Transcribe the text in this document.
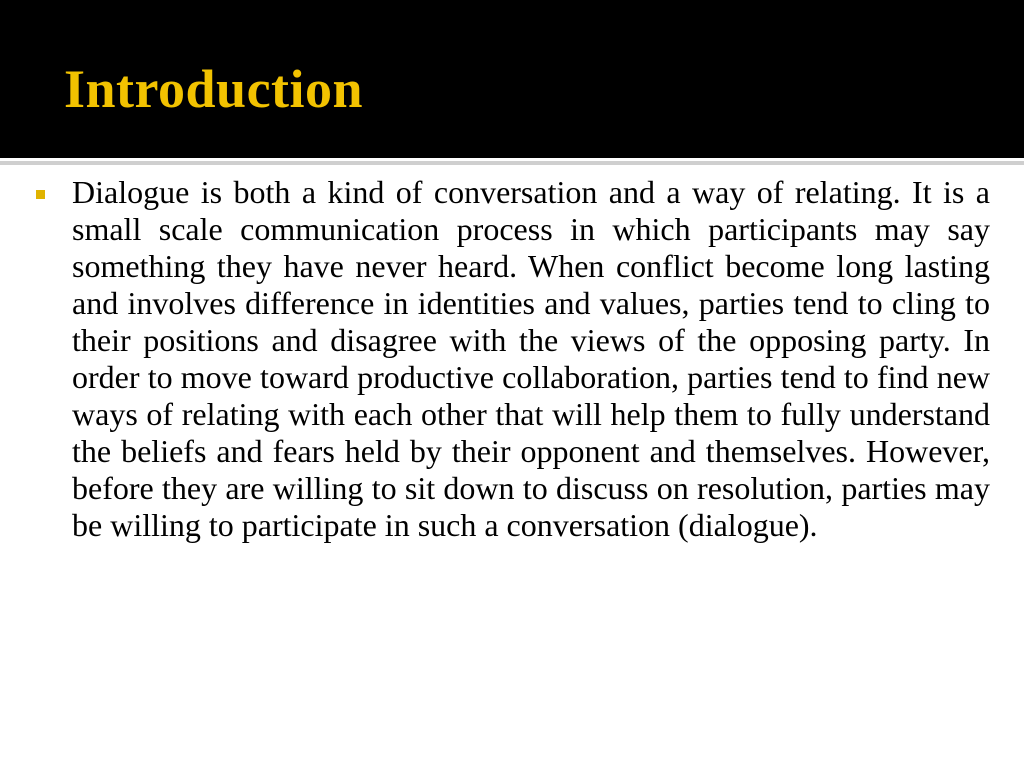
Introduction

Dialogue is both a kind of conversation and a way of relating. It is a small scale communication process in which participants may say something they have never heard. When conflict become long lasting and involves difference in identities and values, parties tend to cling to their positions and disagree with the views of the opposing party. In order to move toward productive collaboration, parties tend to find new ways of relating with each other that will help them to fully understand the beliefs and fears held by their opponent and themselves. However, before they are willing to sit down to discuss on resolution, parties may be willing to participate in such a conversation (dialogue).
